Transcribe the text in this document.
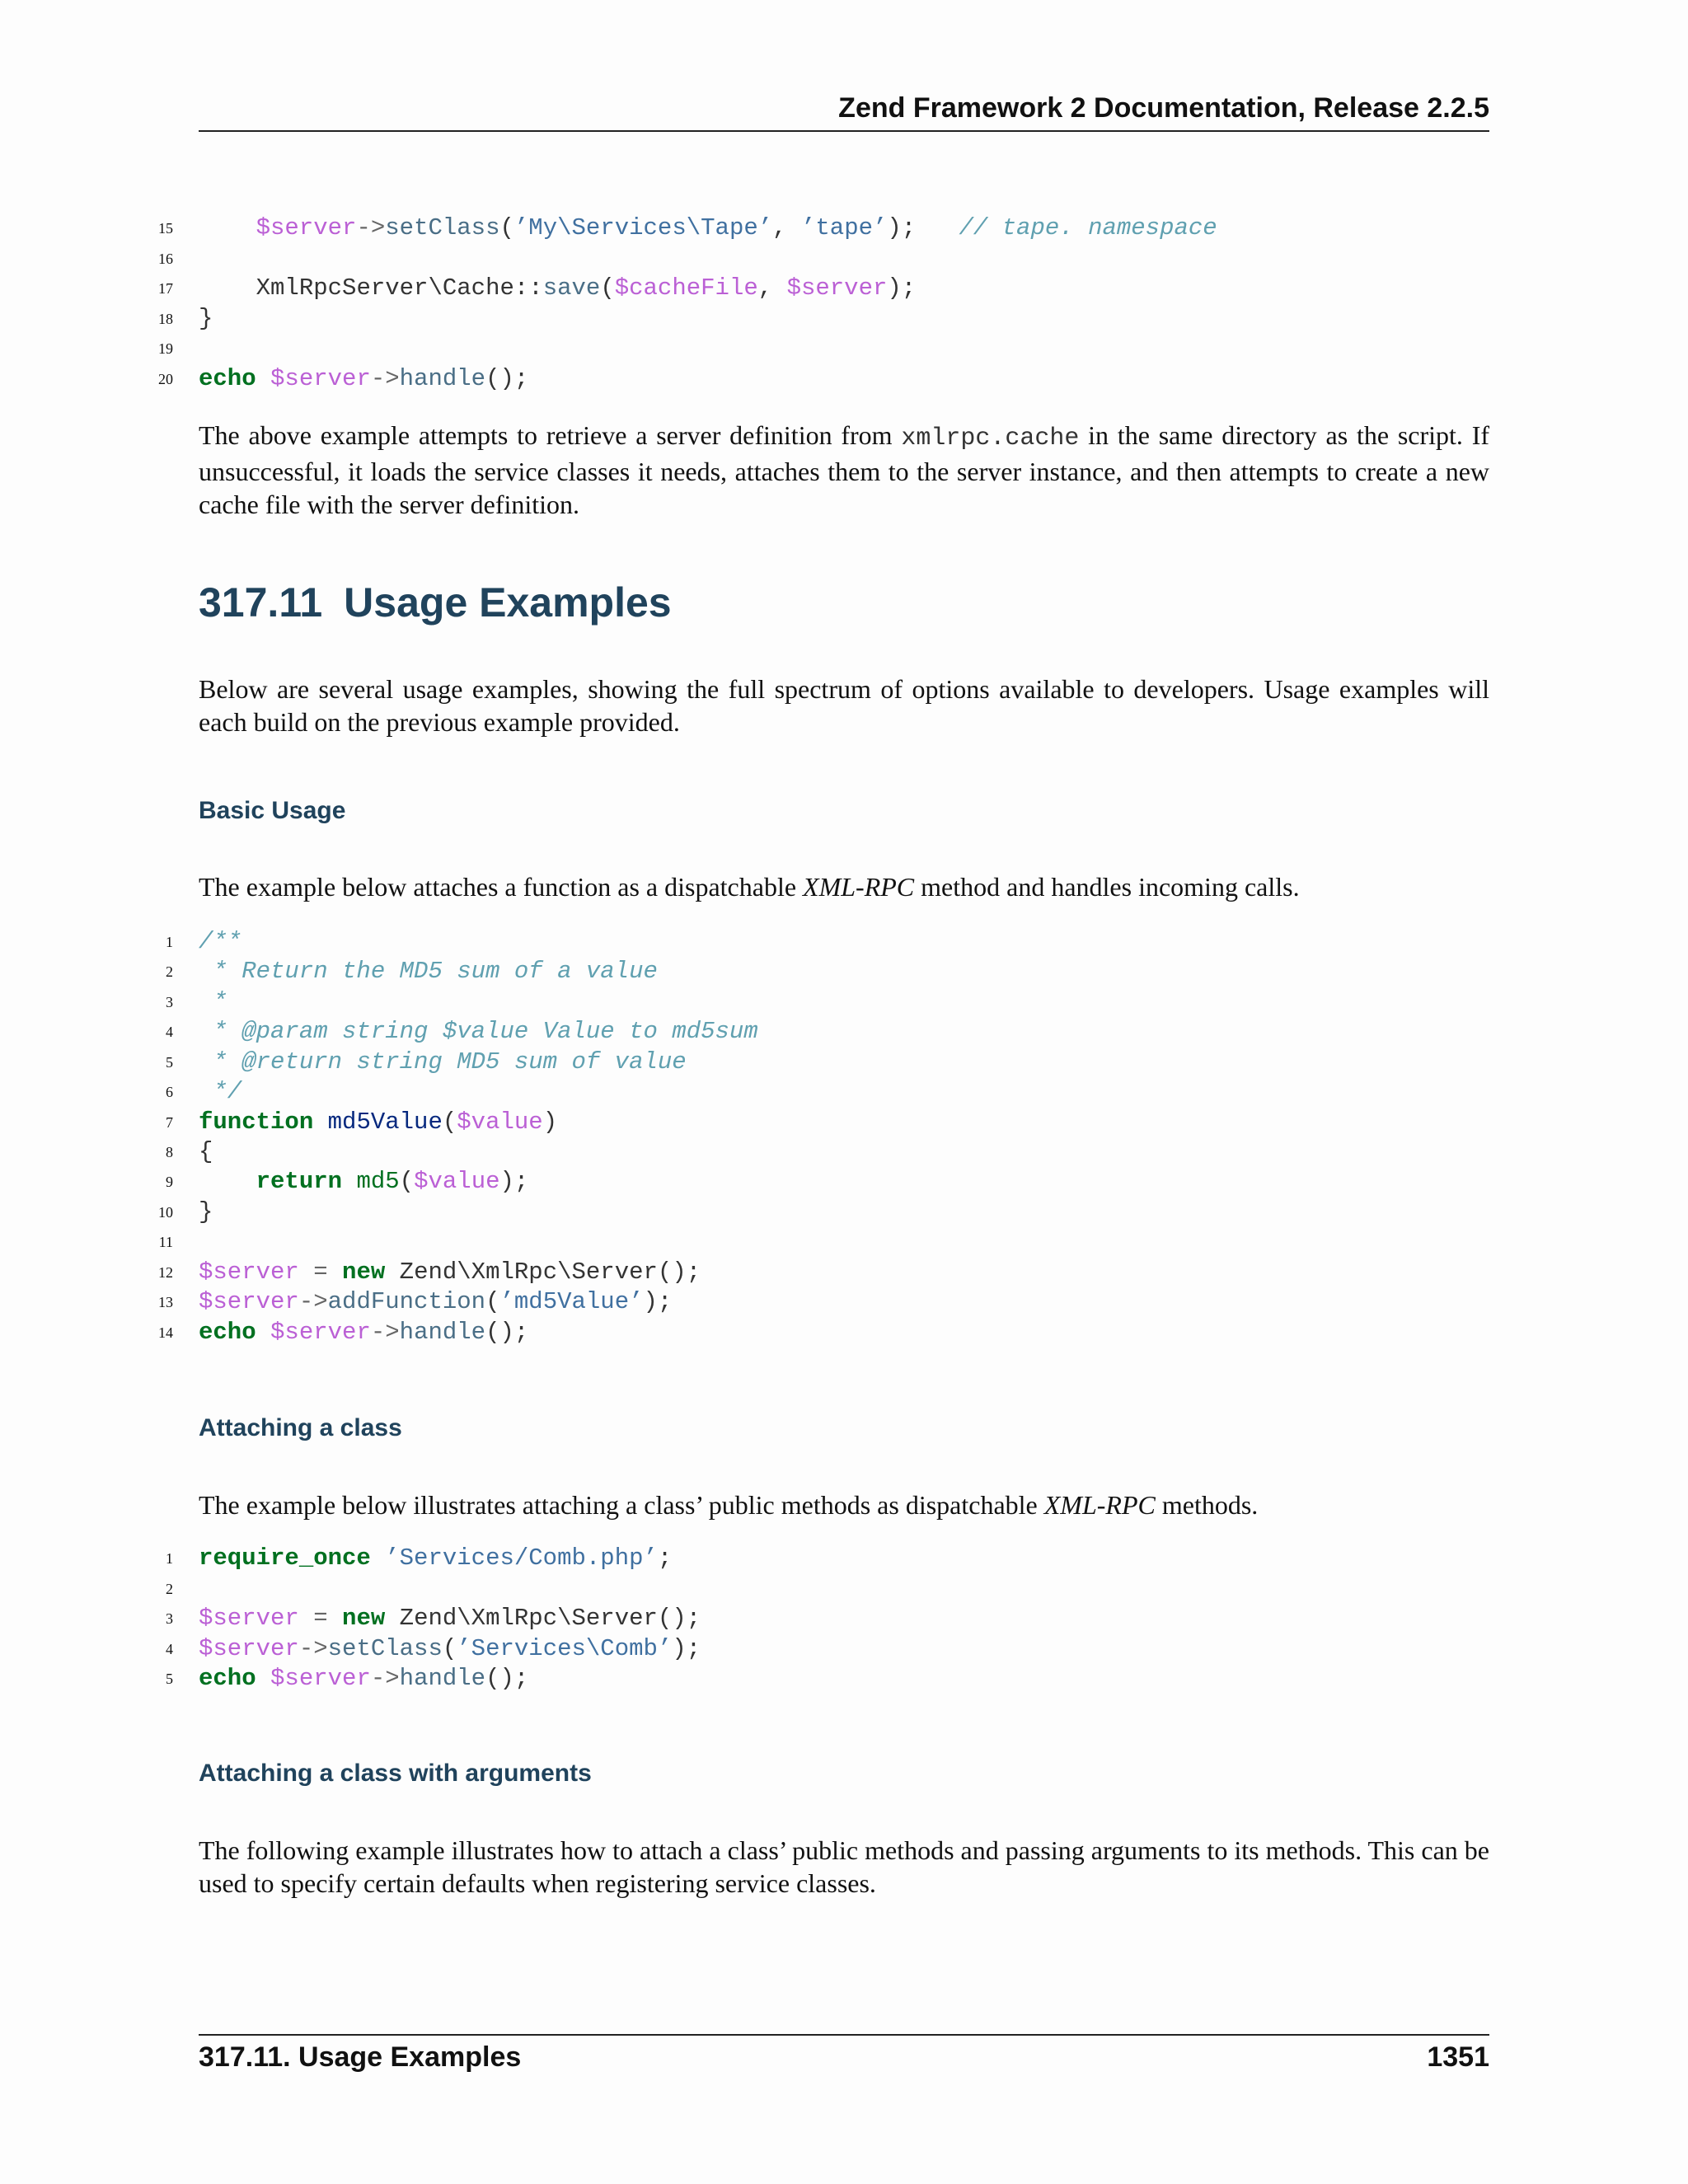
Zend Framework 2 Documentation, Release 2.2.5
15	$server->setClass(’My\Services\Tape’, ’tape’); // tape. namespace
16
17	XmlRpcServer\Cache::save($cacheFile, $server);
18 }
19
20 echo $server->handle();

The above example attempts to retrieve a server definition from xmlrpc.cache in the same directory as the script. If unsuccessful, it loads the service classes it needs, attaches them to the server instance, and then attempts to create a new cache file with the server definition.

317.11 Usage Examples

Below are several usage examples, showing the full spectrum of options available to developers. Usage examples will each build on the previous example provided.

Basic Usage

The example below attaches a function as a dispatchable XML-RPC method and handles incoming calls.

1 /**
2 * Return the MD5 sum of a value
3 *
4 * @param string $value Value to md5sum
5 * @return string MD5 sum of value
6 */
7 function md5Value($value)
8 {
9	return md5($value);
10 }
11
12 $server = new Zend\XmlRpc\Server();
13 $server->addFunction(’md5Value’);
14 echo $server->handle();
Attaching a class

The example below illustrates attaching a class’ public methods as dispatchable XML-RPC methods.

1 require_once ’Services/Comb.php’;
2
3 $server = new Zend\XmlRpc\Server();
4 $server->setClass(’Services\Comb’);
5 echo $server->handle();
Attaching a class with arguments

The following example illustrates how to attach a class’ public methods and passing arguments to its methods. This can be used to specify certain defaults when registering service classes.

317.11. Usage Examples	1351
